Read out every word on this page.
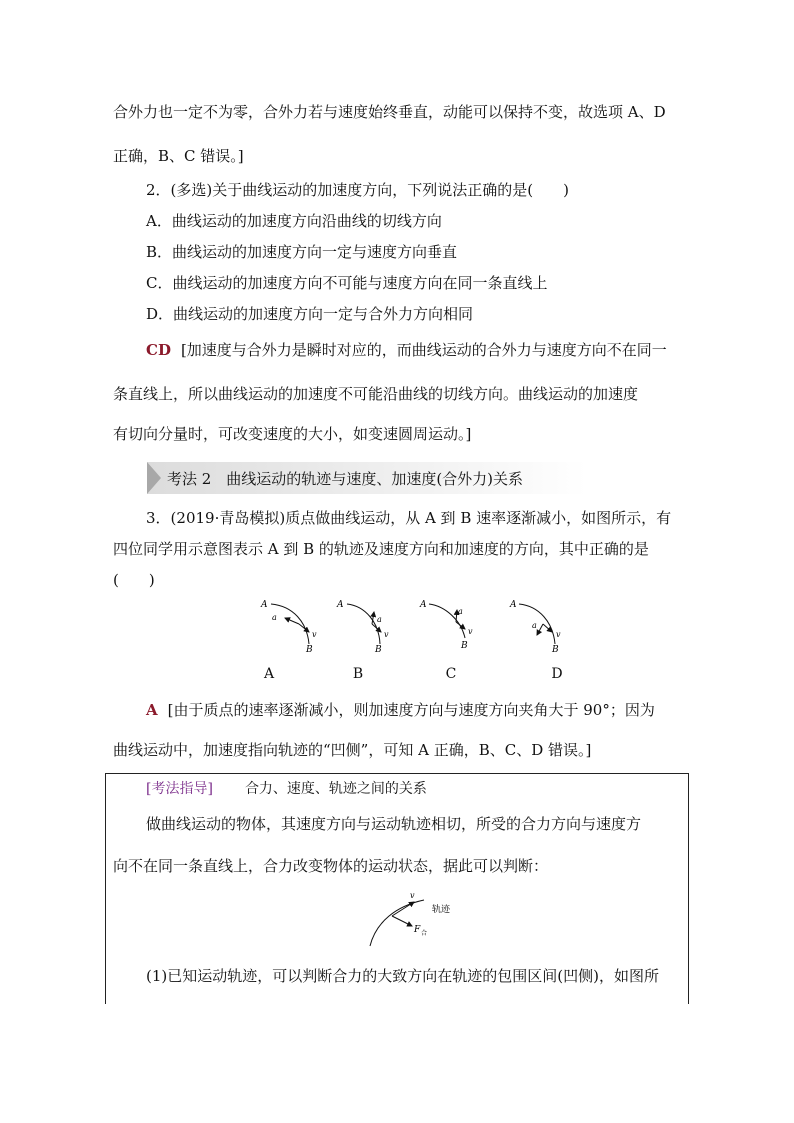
合外力也一定不为零，合外力若与速度始终垂直，动能可以保持不变，故选项 A、D
正确，B、C 错误。]
2．(多选)关于曲线运动的加速度方向，下列说法正确的是(　　)
A．曲线运动的加速度方向沿曲线的切线方向
B．曲线运动的加速度方向一定与速度方向垂直
C．曲线运动的加速度方向不可能与速度方向在同一条直线上
D．曲线运动的加速度方向一定与合外力方向相同
CD [加速度与合外力是瞬时对应的，而曲线运动的合外力与速度方向不在同一
条直线上，所以曲线运动的加速度不可能沿曲线的切线方向。曲线运动的加速度
有切向分量时，可改变速度的大小，如变速圆周运动。]
考法 2　曲线运动的轨迹与速度、加速度(合外力)关系
3．(2019·青岛模拟)质点做曲线运动，从 A 到 B 速率逐渐减小，如图所示，有
四位同学用示意图表示 A 到 B 的轨迹及速度方向和加速度的方向，其中正确的是
(　　)
A
a
v
B
A
a
v
B
A
a
v
B
A
a
v
B
A	B	C	D
A [由于质点的速率逐渐减小，则加速度方向与速度方向夹角大于 90°；因为
曲线运动中，加速度指向轨迹的“凹侧”，可知 A 正确，B、C、D 错误。]
[考法指导] 合力、速度、轨迹之间的关系
做曲线运动的物体，其速度方向与运动轨迹相切，所受的合力方向与速度方
向不在同一条直线上，合力改变物体的运动状态，据此可以判断：
v
轨迹
F 合
(1)已知运动轨迹，可以判断合力的大致方向在轨迹的包围区间(凹侧)，如图所
